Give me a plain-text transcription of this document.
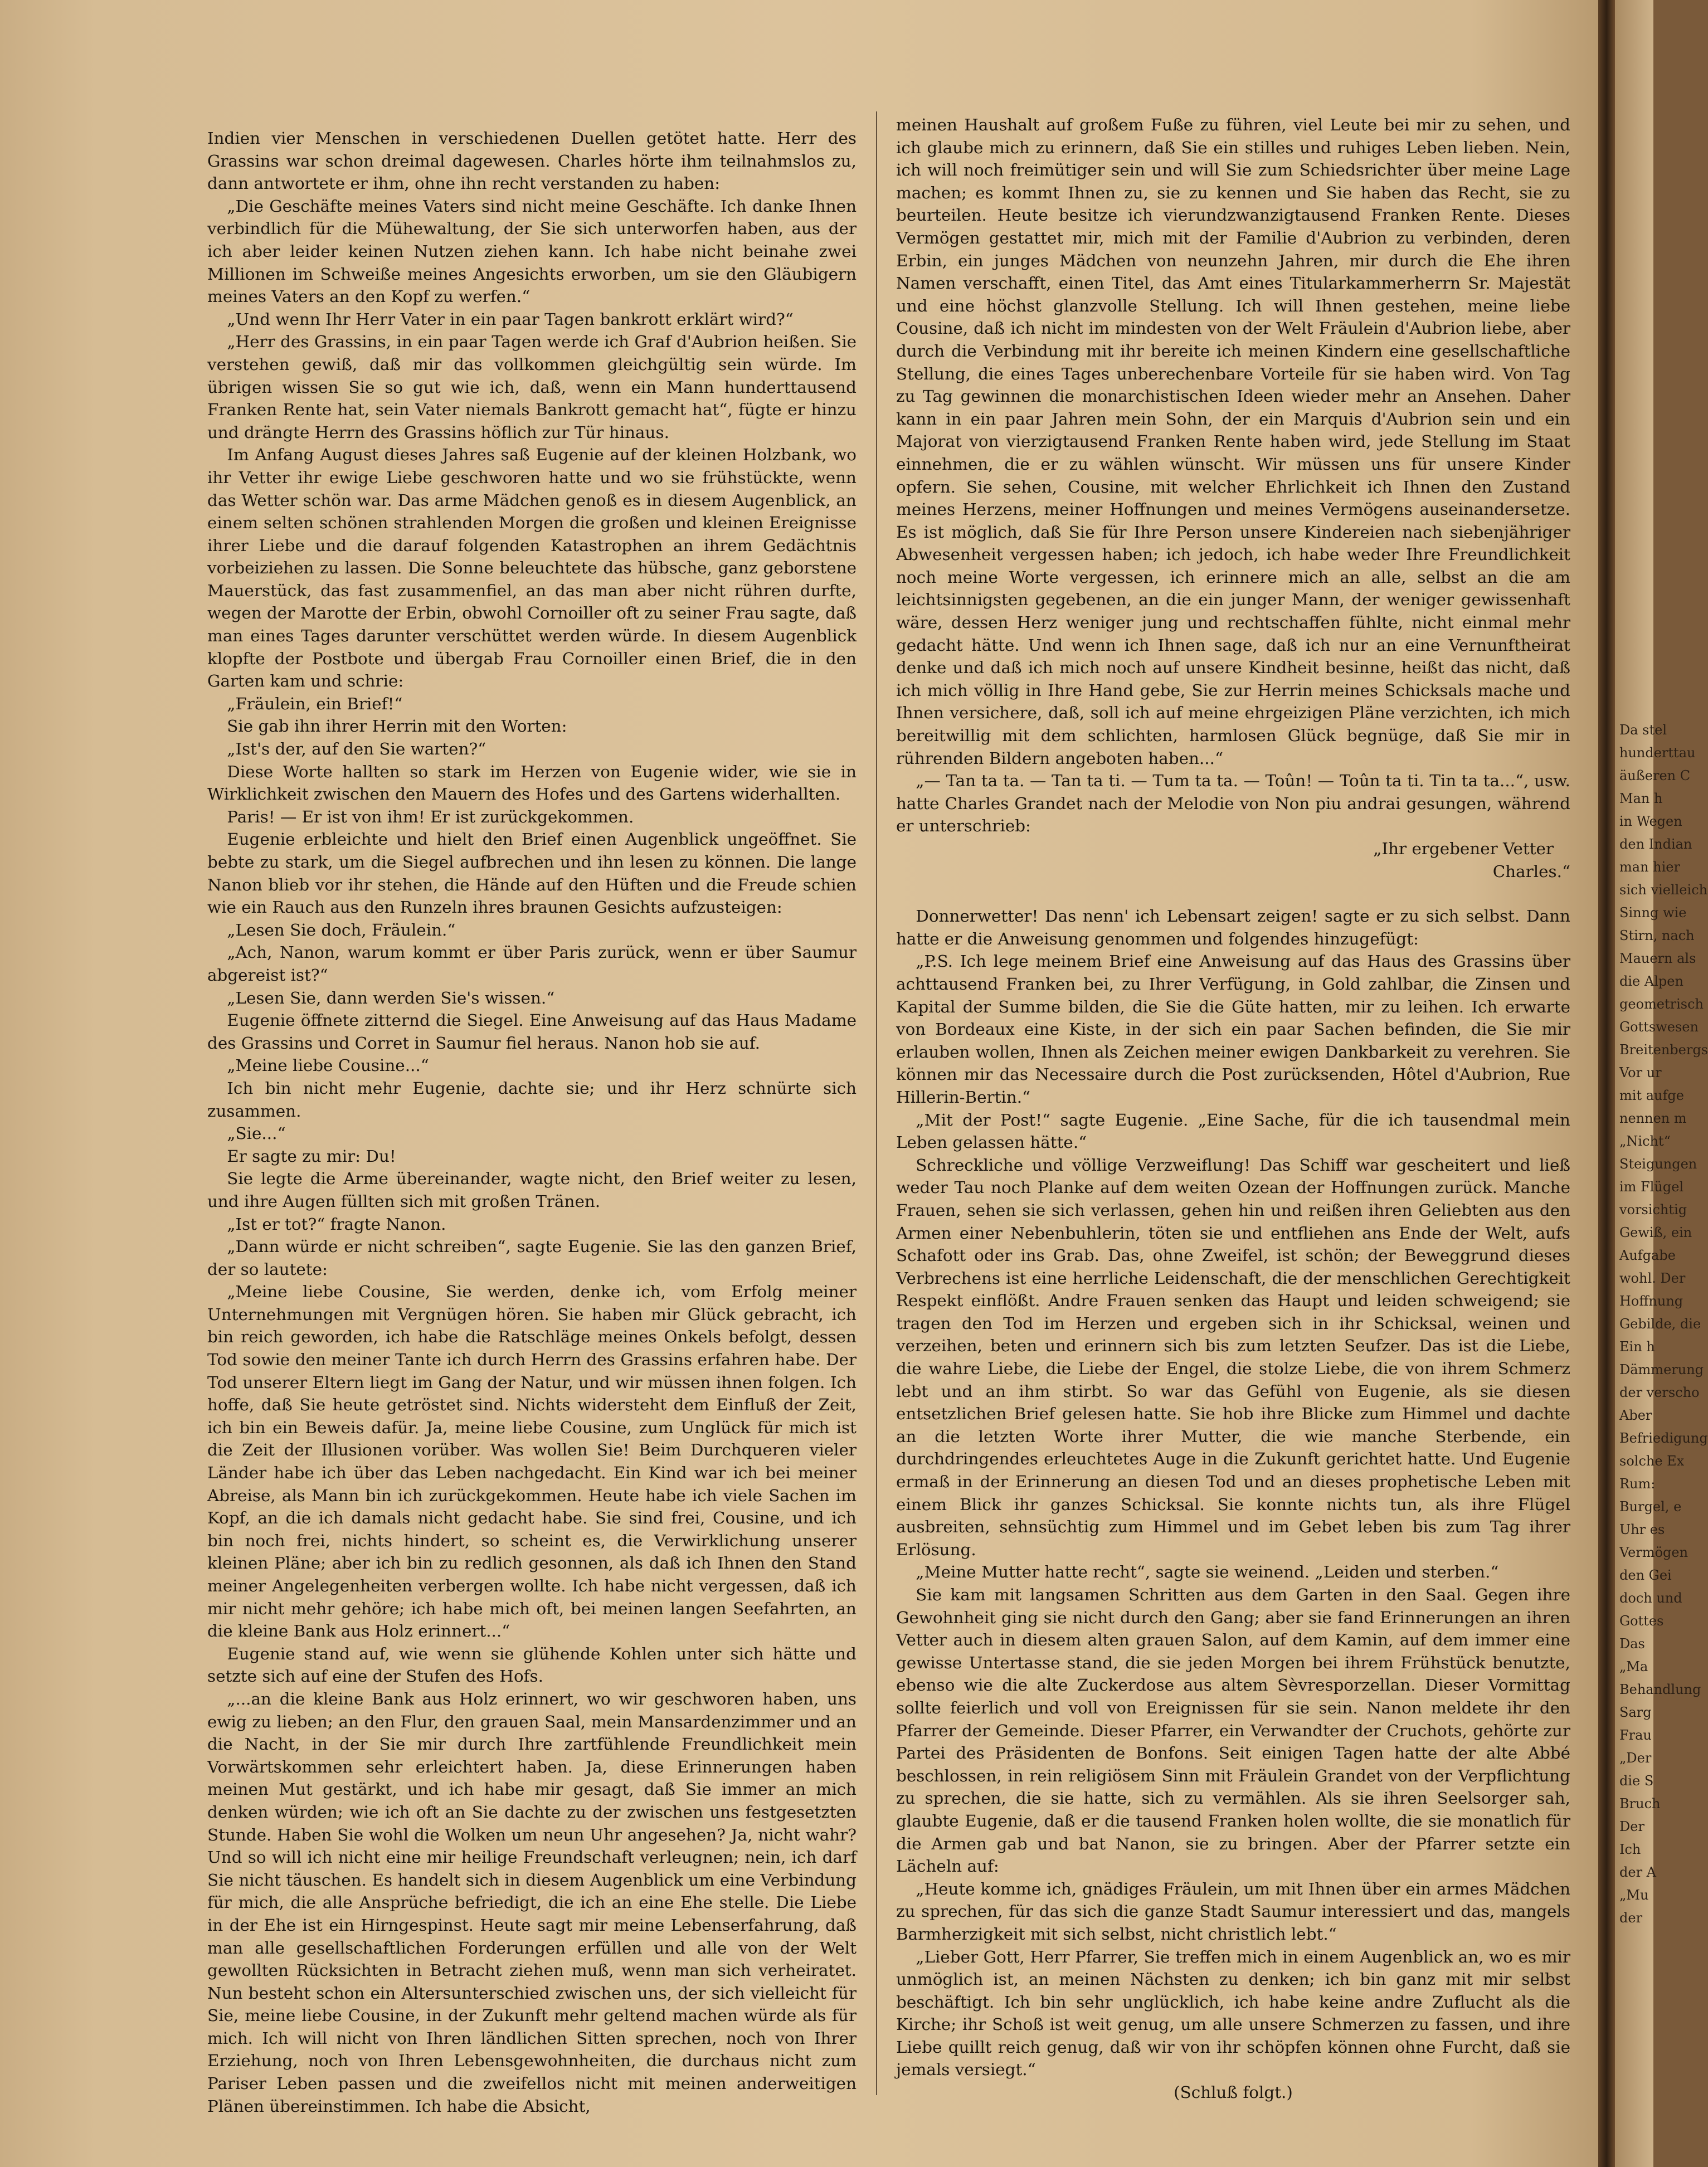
Indien vier Menschen in verschiedenen Duellen getötet hatte. Herr des Grassins war schon dreimal dagewesen. Charles hörte ihm teilnahmslos zu, dann antwortete er ihm, ohne ihn recht verstanden zu haben:

„Die Geschäfte meines Vaters sind nicht meine Geschäfte. Ich danke Ihnen verbindlich für die Mühewaltung, der Sie sich unterworfen haben, aus der ich aber leider keinen Nutzen ziehen kann. Ich habe nicht beinahe zwei Millionen im Schweiße meines Angesichts erworben, um sie den Gläubigern meines Vaters an den Kopf zu werfen.“

„Und wenn Ihr Herr Vater in ein paar Tagen bankrott erklärt wird?“

„Herr des Grassins, in ein paar Tagen werde ich Graf d'Aubrion heißen. Sie verstehen gewiß, daß mir das vollkommen gleichgültig sein würde. Im übrigen wissen Sie so gut wie ich, daß, wenn ein Mann hunderttausend Franken Rente hat, sein Vater niemals Bankrott gemacht hat“, fügte er hinzu und drängte Herrn des Grassins höflich zur Tür hinaus.

Im Anfang August dieses Jahres saß Eugenie auf der kleinen Holzbank, wo ihr Vetter ihr ewige Liebe geschworen hatte und wo sie frühstückte, wenn das Wetter schön war. Das arme Mädchen genoß es in diesem Augenblick, an einem selten schönen strahlenden Morgen die großen und kleinen Ereignisse ihrer Liebe und die darauf folgenden Katastrophen an ihrem Gedächtnis vorbeiziehen zu lassen. Die Sonne beleuchtete das hübsche, ganz geborstene Mauerstück, das fast zusammenfiel, an das man aber nicht rühren durfte, wegen der Marotte der Erbin, obwohl Cornoiller oft zu seiner Frau sagte, daß man eines Tages darunter verschüttet werden würde. In diesem Augenblick klopfte der Postbote und übergab Frau Cornoiller einen Brief, die in den Garten kam und schrie:

„Fräulein, ein Brief!“

Sie gab ihn ihrer Herrin mit den Worten:

„Ist's der, auf den Sie warten?“

Diese Worte hallten so stark im Herzen von Eugenie wider, wie sie in Wirklichkeit zwischen den Mauern des Hofes und des Gartens widerhallten.

Paris! — Er ist von ihm! Er ist zurückgekommen.

Eugenie erbleichte und hielt den Brief einen Augenblick ungeöffnet. Sie bebte zu stark, um die Siegel aufbrechen und ihn lesen zu können. Die lange Nanon blieb vor ihr stehen, die Hände auf den Hüften und die Freude schien wie ein Rauch aus den Runzeln ihres braunen Gesichts aufzusteigen:

„Lesen Sie doch, Fräulein.“

„Ach, Nanon, warum kommt er über Paris zurück, wenn er über Saumur abgereist ist?“

„Lesen Sie, dann werden Sie's wissen.“

Eugenie öffnete zitternd die Siegel. Eine Anweisung auf das Haus Madame des Grassins und Corret in Saumur fiel heraus. Nanon hob sie auf.

„Meine liebe Cousine...“

Ich bin nicht mehr Eugenie, dachte sie; und ihr Herz schnürte sich zusammen.

„Sie...“

Er sagte zu mir: Du!

Sie legte die Arme übereinander, wagte nicht, den Brief weiter zu lesen, und ihre Augen füllten sich mit großen Tränen.

„Ist er tot?“ fragte Nanon.

„Dann würde er nicht schreiben“, sagte Eugenie. Sie las den ganzen Brief, der so lautete:

„Meine liebe Cousine, Sie werden, denke ich, vom Erfolg meiner Unternehmungen mit Vergnügen hören. Sie haben mir Glück gebracht, ich bin reich geworden, ich habe die Ratschläge meines Onkels befolgt, dessen Tod sowie den meiner Tante ich durch Herrn des Grassins erfahren habe. Der Tod unserer Eltern liegt im Gang der Natur, und wir müssen ihnen folgen. Ich hoffe, daß Sie heute getröstet sind. Nichts widersteht dem Einfluß der Zeit, ich bin ein Beweis dafür. Ja, meine liebe Cousine, zum Unglück für mich ist die Zeit der Illusionen vorüber. Was wollen Sie! Beim Durchqueren vieler Länder habe ich über das Leben nachgedacht. Ein Kind war ich bei meiner Abreise, als Mann bin ich zurückgekommen. Heute habe ich viele Sachen im Kopf, an die ich damals nicht gedacht habe. Sie sind frei, Cousine, und ich bin noch frei, nichts hindert, so scheint es, die Verwirklichung unserer kleinen Pläne; aber ich bin zu redlich gesonnen, als daß ich Ihnen den Stand meiner Angelegenheiten verbergen wollte. Ich habe nicht vergessen, daß ich mir nicht mehr gehöre; ich habe mich oft, bei meinen langen Seefahrten, an die kleine Bank aus Holz erinnert...“

Eugenie stand auf, wie wenn sie glühende Kohlen unter sich hätte und setzte sich auf eine der Stufen des Hofs.

„...an die kleine Bank aus Holz erinnert, wo wir geschworen haben, uns ewig zu lieben; an den Flur, den grauen Saal, mein Mansardenzimmer und an die Nacht, in der Sie mir durch Ihre zartfühlende Freundlichkeit mein Vorwärtskommen sehr erleichtert haben. Ja, diese Erinnerungen haben meinen Mut gestärkt, und ich habe mir gesagt, daß Sie immer an mich denken würden; wie ich oft an Sie dachte zu der zwischen uns festgesetzten Stunde. Haben Sie wohl die Wolken um neun Uhr angesehen? Ja, nicht wahr? Und so will ich nicht eine mir heilige Freundschaft verleugnen; nein, ich darf Sie nicht täuschen. Es handelt sich in diesem Augenblick um eine Verbindung für mich, die alle Ansprüche befriedigt, die ich an eine Ehe stelle. Die Liebe in der Ehe ist ein Hirngespinst. Heute sagt mir meine Lebenserfahrung, daß man alle gesellschaftlichen Forderungen erfüllen und alle von der Welt gewollten Rücksichten in Betracht ziehen muß, wenn man sich verheiratet. Nun besteht schon ein Altersunterschied zwischen uns, der sich vielleicht für Sie, meine liebe Cousine, in der Zukunft mehr geltend machen würde als für mich. Ich will nicht von Ihren ländlichen Sitten sprechen, noch von Ihrer Erziehung, noch von Ihren Lebensgewohnheiten, die durchaus nicht zum Pariser Leben passen und die zweifellos nicht mit meinen anderweitigen Plänen übereinstimmen. Ich habe die Absicht,

meinen Haushalt auf großem Fuße zu führen, viel Leute bei mir zu sehen, und ich glaube mich zu erinnern, daß Sie ein stilles und ruhiges Leben lieben. Nein, ich will noch freimütiger sein und will Sie zum Schiedsrichter über meine Lage machen; es kommt Ihnen zu, sie zu kennen und Sie haben das Recht, sie zu beurteilen. Heute besitze ich vierundzwanzigtausend Franken Rente. Dieses Vermögen gestattet mir, mich mit der Familie d'Aubrion zu verbinden, deren Erbin, ein junges Mädchen von neunzehn Jahren, mir durch die Ehe ihren Namen verschafft, einen Titel, das Amt eines Titularkammerherrn Sr. Majestät und eine höchst glanzvolle Stellung. Ich will Ihnen gestehen, meine liebe Cousine, daß ich nicht im mindesten von der Welt Fräulein d'Aubrion liebe, aber durch die Verbindung mit ihr bereite ich meinen Kindern eine gesellschaftliche Stellung, die eines Tages unberechenbare Vorteile für sie haben wird. Von Tag zu Tag gewinnen die monarchistischen Ideen wieder mehr an Ansehen. Daher kann in ein paar Jahren mein Sohn, der ein Marquis d'Aubrion sein und ein Majorat von vierzigtausend Franken Rente haben wird, jede Stellung im Staat einnehmen, die er zu wählen wünscht. Wir müssen uns für unsere Kinder opfern. Sie sehen, Cousine, mit welcher Ehrlichkeit ich Ihnen den Zustand meines Herzens, meiner Hoffnungen und meines Vermögens auseinandersetze. Es ist möglich, daß Sie für Ihre Person unsere Kindereien nach siebenjähriger Abwesenheit vergessen haben; ich jedoch, ich habe weder Ihre Freundlichkeit noch meine Worte vergessen, ich erinnere mich an alle, selbst an die am leichtsinnigsten gegebenen, an die ein junger Mann, der weniger gewissenhaft wäre, dessen Herz weniger jung und rechtschaffen fühlte, nicht einmal mehr gedacht hätte. Und wenn ich Ihnen sage, daß ich nur an eine Vernunftheirat denke und daß ich mich noch auf unsere Kindheit besinne, heißt das nicht, daß ich mich völlig in Ihre Hand gebe, Sie zur Herrin meines Schicksals mache und Ihnen versichere, daß, soll ich auf meine ehrgeizigen Pläne verzichten, ich mich bereitwillig mit dem schlichten, harmlosen Glück begnüge, daß Sie mir in rührenden Bildern angeboten haben...“

„— Tan ta ta. — Tan ta ti. — Tum ta ta. — Toûn! — Toûn ta ti. Tin ta ta...“, usw. hatte Charles Grandet nach der Melodie von Non piu andrai gesungen, während er unterschrieb:

„Ihr ergebener Vetter

Charles.“

Donnerwetter! Das nenn' ich Lebensart zeigen! sagte er zu sich selbst. Dann hatte er die Anweisung genommen und folgendes hinzugefügt:

„P.S. Ich lege meinem Brief eine Anweisung auf das Haus des Grassins über achttausend Franken bei, zu Ihrer Verfügung, in Gold zahlbar, die Zinsen und Kapital der Summe bilden, die Sie die Güte hatten, mir zu leihen. Ich erwarte von Bordeaux eine Kiste, in der sich ein paar Sachen befinden, die Sie mir erlauben wollen, Ihnen als Zeichen meiner ewigen Dankbarkeit zu verehren. Sie können mir das Necessaire durch die Post zurücksenden, Hôtel d'Aubrion, Rue Hillerin-Bertin.“

„Mit der Post!“ sagte Eugenie. „Eine Sache, für die ich tausendmal mein Leben gelassen hätte.“

Schreckliche und völlige Verzweiflung! Das Schiff war gescheitert und ließ weder Tau noch Planke auf dem weiten Ozean der Hoffnungen zurück. Manche Frauen, sehen sie sich verlassen, gehen hin und reißen ihren Geliebten aus den Armen einer Nebenbuhlerin, töten sie und entfliehen ans Ende der Welt, aufs Schafott oder ins Grab. Das, ohne Zweifel, ist schön; der Beweggrund dieses Verbrechens ist eine herrliche Leidenschaft, die der menschlichen Gerechtigkeit Respekt einflößt. Andre Frauen senken das Haupt und leiden schweigend; sie tragen den Tod im Herzen und ergeben sich in ihr Schicksal, weinen und verzeihen, beten und erinnern sich bis zum letzten Seufzer. Das ist die Liebe, die wahre Liebe, die Liebe der Engel, die stolze Liebe, die von ihrem Schmerz lebt und an ihm stirbt. So war das Gefühl von Eugenie, als sie diesen entsetzlichen Brief gelesen hatte. Sie hob ihre Blicke zum Himmel und dachte an die letzten Worte ihrer Mutter, die wie manche Sterbende, ein durchdringendes erleuchtetes Auge in die Zukunft gerichtet hatte. Und Eugenie ermaß in der Erinnerung an diesen Tod und an dieses prophetische Leben mit einem Blick ihr ganzes Schicksal. Sie konnte nichts tun, als ihre Flügel ausbreiten, sehnsüchtig zum Himmel und im Gebet leben bis zum Tag ihrer Erlösung.

„Meine Mutter hatte recht“, sagte sie weinend. „Leiden und sterben.“

Sie kam mit langsamen Schritten aus dem Garten in den Saal. Gegen ihre Gewohnheit ging sie nicht durch den Gang; aber sie fand Erinnerungen an ihren Vetter auch in diesem alten grauen Salon, auf dem Kamin, auf dem immer eine gewisse Untertasse stand, die sie jeden Morgen bei ihrem Frühstück benutzte, ebenso wie die alte Zuckerdose aus altem Sèvresporzellan. Dieser Vormittag sollte feierlich und voll von Ereignissen für sie sein. Nanon meldete ihr den Pfarrer der Gemeinde. Dieser Pfarrer, ein Verwandter der Cruchots, gehörte zur Partei des Präsidenten de Bonfons. Seit einigen Tagen hatte der alte Abbé beschlossen, in rein religiösem Sinn mit Fräulein Grandet von der Verpflichtung zu sprechen, die sie hatte, sich zu vermählen. Als sie ihren Seelsorger sah, glaubte Eugenie, daß er die tausend Franken holen wollte, die sie monatlich für die Armen gab und bat Nanon, sie zu bringen. Aber der Pfarrer setzte ein Lächeln auf:

„Heute komme ich, gnädiges Fräulein, um mit Ihnen über ein armes Mädchen zu sprechen, für das sich die ganze Stadt Saumur interessiert und das, mangels Barmherzigkeit mit sich selbst, nicht christlich lebt.“

„Lieber Gott, Herr Pfarrer, Sie treffen mich in einem Augenblick an, wo es mir unmöglich ist, an meinen Nächsten zu denken; ich bin ganz mit mir selbst beschäftigt. Ich bin sehr unglücklich, ich habe keine andre Zuflucht als die Kirche; ihr Schoß ist weit genug, um alle unsere Schmerzen zu fassen, und ihre Liebe quillt reich genug, daß wir von ihr schöpfen können ohne Furcht, daß sie jemals versiegt.“

(Schluß folgt.)

Da stel
hunderttau
äußeren C
Man h
in Wegen
den Indian
man hier
sich vielleich
Sinng wie
Stirn, nach
Mauern als
die Alpen
geometrisch
Gottswesen
Breitenbergs
Vor ur
mit aufge
nennen m
„Nicht“
Steigungen
im Flügel
vorsichtig
Gewiß, ein
Aufgabe
wohl. Der
Hoffnung
Gebilde, die
Ein h
Dämmerung
der verscho
Aber
Befriedigung
solche Ex
Rum:
Burgel, e
Uhr es
Vermögen
den Gei
doch und
Gottes
Das
„Ma
Behandlung
Sarg
Frau
„Der
die S
Bruch
Der
Ich
der A
„Mu
der
